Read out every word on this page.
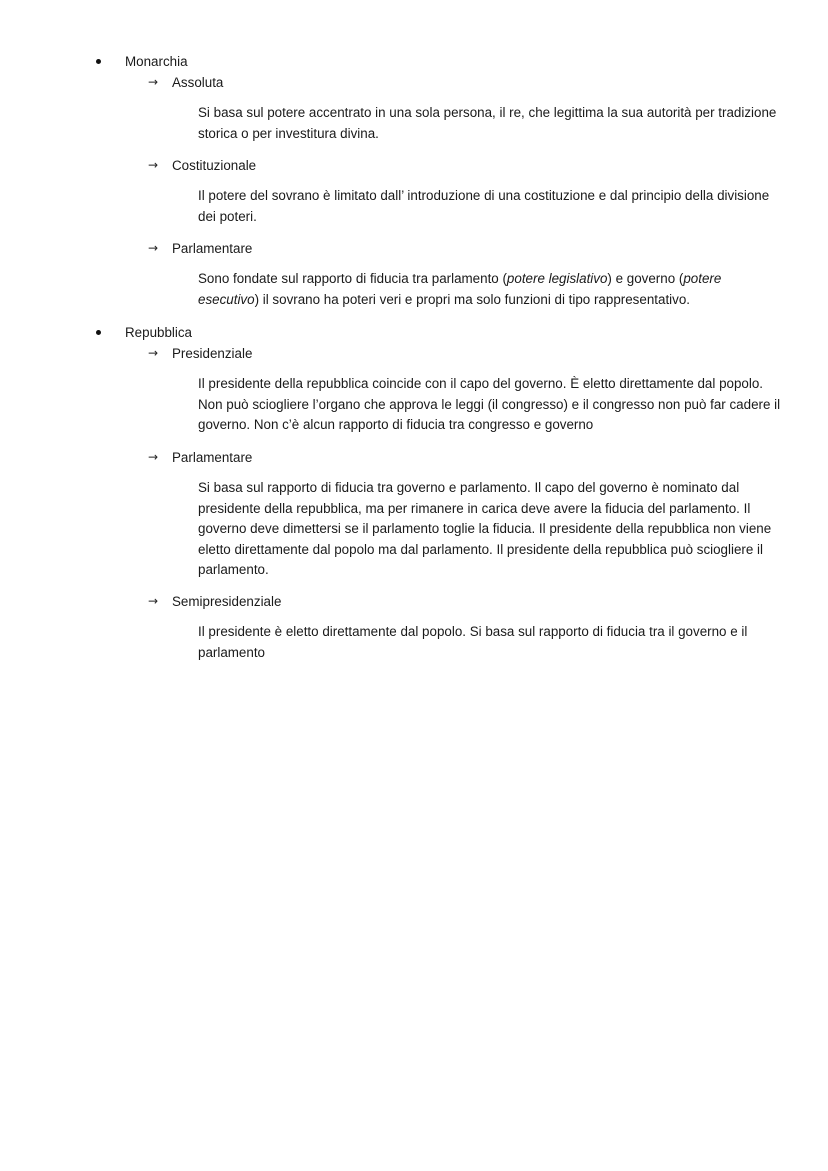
Monarchia
→	Assoluta

Si basa sul potere accentrato in una sola persona, il re, che legittima la sua autorità per tradizione storica o per investitura divina.

→	Costituzionale

Il potere del sovrano è limitato dall’ introduzione di una costituzione e dal principio della divisione dei poteri.

→	Parlamentare

Sono fondate sul rapporto di fiducia tra parlamento (potere legislativo) e governo (potere esecutivo) il sovrano ha poteri veri e propri ma solo funzioni di tipo rappresentativo.

Repubblica
→	Presidenziale

Il presidente della repubblica coincide con il capo del governo. È eletto direttamente dal popolo. Non può sciogliere l’organo che approva le leggi (il congresso) e il congresso non può far cadere il governo. Non c’è alcun rapporto di fiducia tra congresso e governo

→	Parlamentare

Si basa sul rapporto di fiducia tra governo e parlamento. Il capo del governo è nominato dal presidente della repubblica, ma per rimanere in carica deve avere la fiducia del parlamento. Il governo deve dimettersi se il parlamento toglie la fiducia. Il presidente della repubblica non viene eletto direttamente dal popolo ma dal parlamento. Il presidente della repubblica può sciogliere il parlamento.

→	Semipresidenziale

Il presidente è eletto direttamente dal popolo. Si basa sul rapporto di fiducia tra il governo e il parlamento
